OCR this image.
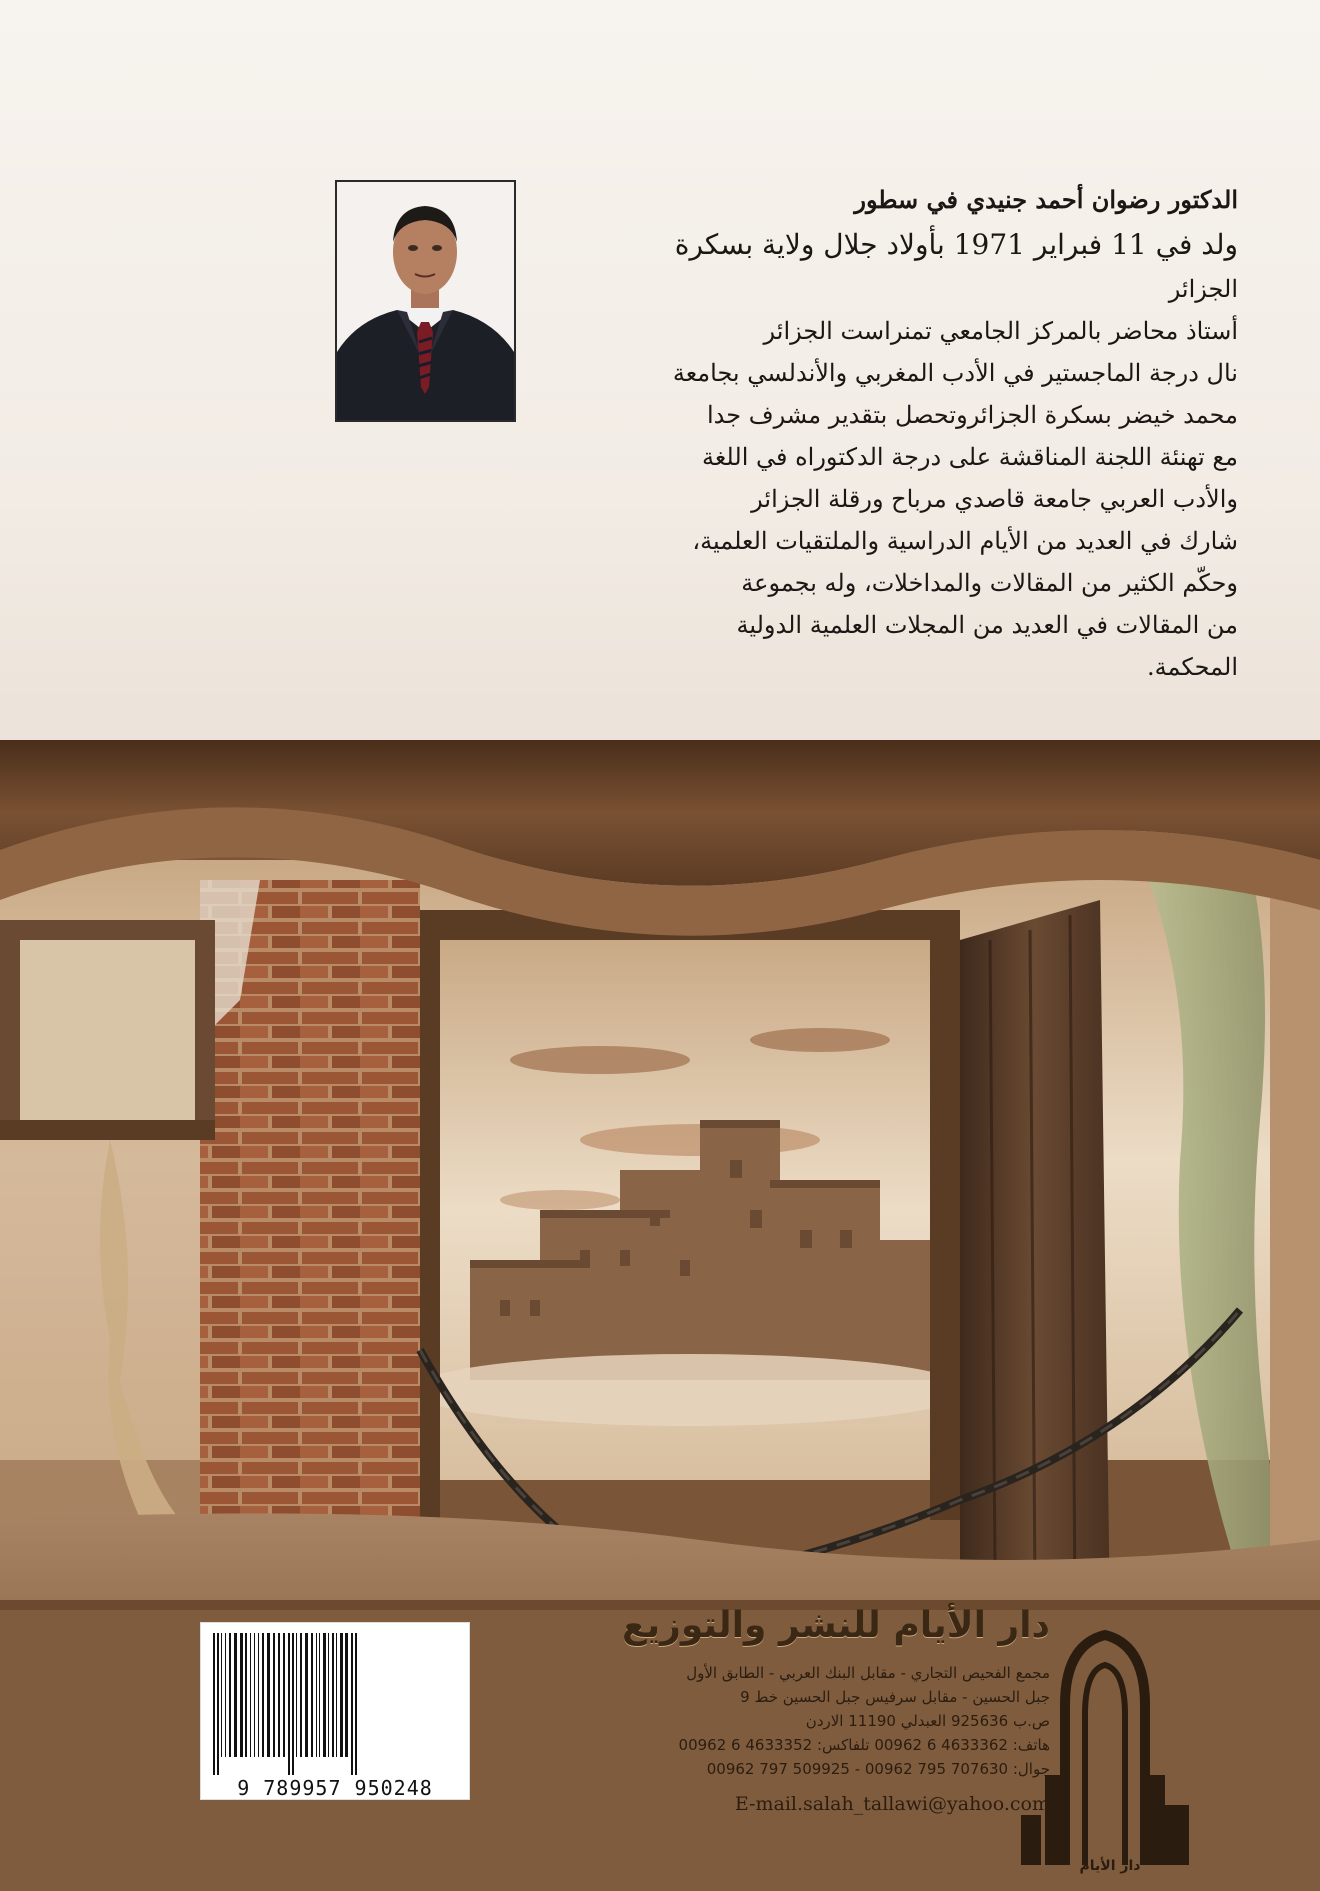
الدكتور رضوان أحمد جنيدي في سطور

ولد في 11 فبراير 1971 بأولاد جلال ولاية بسكرة

الجزائر

أستاذ محاضر بالمركز الجامعي تمنراست الجزائر

نال درجة الماجستير في الأدب المغربي والأندلسي بجامعة

محمد خيضر بسكرة الجزائروتحصل بتقدير مشرف جدا

مع تهنئة اللجنة المناقشة على درجة الدكتوراه في اللغة

والأدب العربي جامعة قاصدي مرباح ورقلة الجزائر

شارك في العديد من الأيام الدراسية والملتقيات العلمية،

وحكّم الكثير من المقالات والمداخلات، وله بجموعة

من المقالات في العديد من المجلات العلمية الدولية

المحكمة.

دار الأيام للنشر والتوزيع
مجمع الفحيص التجاري - مقابل البنك العربي - الطابق الأول
جبل الحسين - مقابل سرفيس جبل الحسين خط 9
ص.ب 925636 العبدلي 11190 الاردن
هاتف: 4633362 6 00962 تلفاكس: 4633352 6 00962
جوال: 707630 795 00962 - 509925 797 00962
E-mail.salah_tallawi@yahoo.com
دار الأيام
9 789957 950248
